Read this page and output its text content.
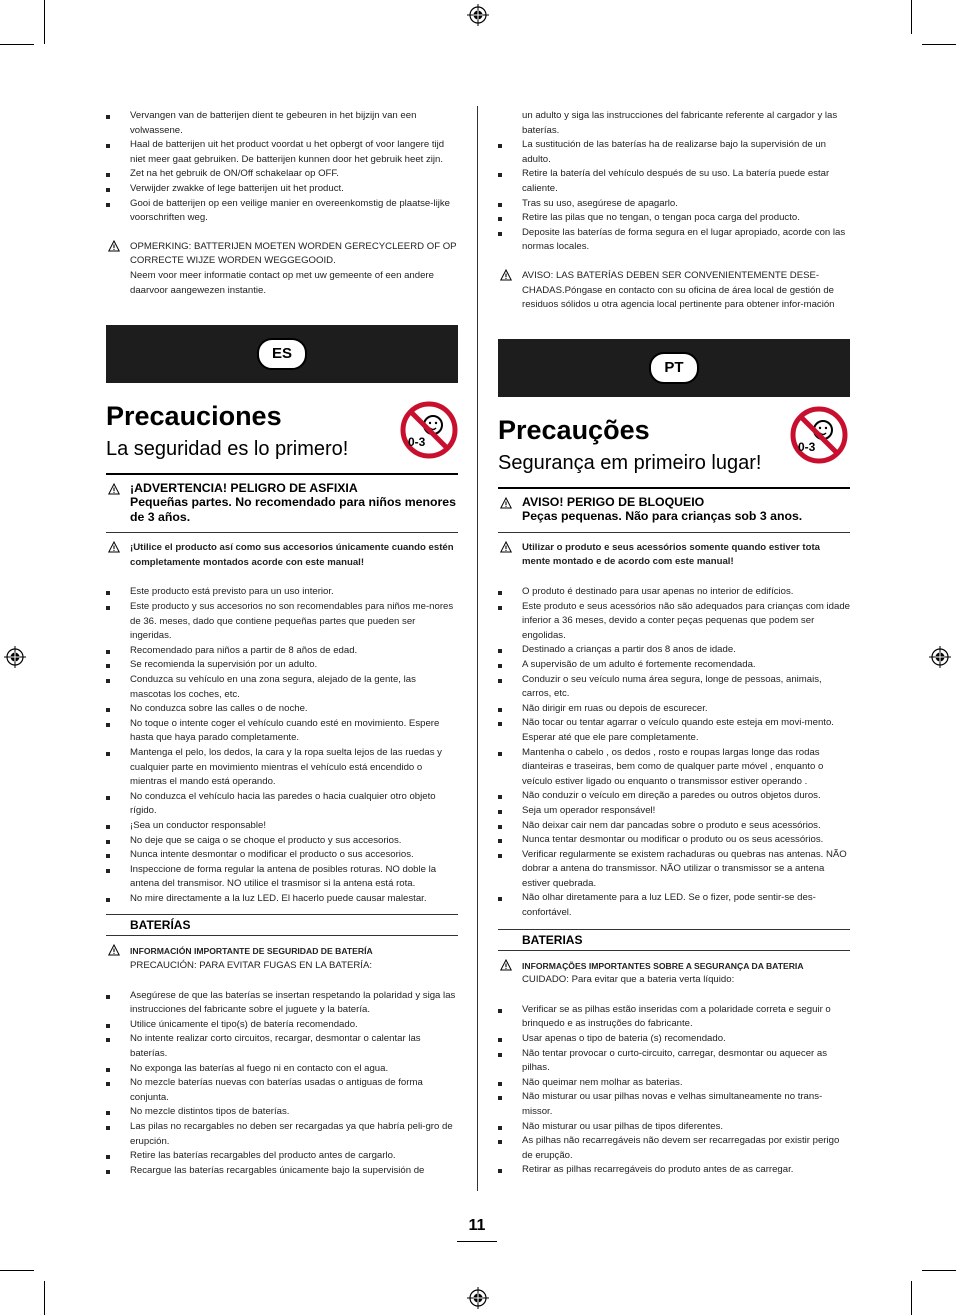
Vervangen van de batterijen dient te gebeuren in het bijzijn van een volwassene.
Haal de batterijen uit het product voordat u het opbergt of voor langere tijd niet meer gaat gebruiken. De batterijen kunnen door het gebruik heet zijn.
Zet na het gebruik de ON/Off schakelaar op OFF.
Verwijder zwakke of lege batterijen uit het product.
Gooi de batterijen op een veilige manier en overeenkomstig de plaatse-lijke voorschriften weg.
OPMERKING: BATTERIJEN MOETEN WORDEN GERECYCLEERD OF OP CORRECTE WIJZE WORDEN WEGGEGOOID.
Neem voor meer informatie contact op met uw gemeente of een andere daarvoor aangewezen instantie.
ES
Precauciones
La seguridad es lo primero!	0-3
¡ADVERTENCIA! PELIGRO DE ASFIXIA
Pequeñas partes. No recomendado para niños menores de 3 años.
¡Utilice el producto así como sus accesorios únicamente cuando estén completamente montados acorde con este manual!
Este producto está previsto para un uso interior.
Este producto y sus accesorios no son recomendables para niños me-nores de 36. meses, dado que contiene pequeñas partes que pueden ser ingeridas.
Recomendado para niños a partir de 8 años de edad.
Se recomienda la supervisión por un adulto.
Conduzca su vehículo en una zona segura, alejado de la gente, las mascotas los coches, etc.
No conduzca sobre las calles o de noche.
No toque o intente coger el vehículo cuando esté en movimiento. Espere hasta que haya parado completamente.
Mantenga el pelo, los dedos, la cara y la ropa suelta lejos de las ruedas y cualquier parte en movimiento mientras el vehículo está encendido o mientras el mando está operando.
No conduzca el vehículo hacia las paredes o hacia cualquier otro objeto rígido.
¡Sea un conductor responsable!
No deje que se caiga o se choque el producto y sus accesorios.
Nunca intente desmontar o modificar el producto o sus accesorios.
Inspeccione de forma regular la antena de posibles roturas. NO doble la antena del transmisor. NO utilice el trasmisor si la antena está rota.
No mire directamente a la luz LED. El hacerlo puede causar malestar.
BATERÍAS
INFORMACIÓN IMPORTANTE DE SEGURIDAD DE BATERÍA
PRECAUCIÓN: PARA EVITAR FUGAS EN LA BATERÍA:
Asegúrese de que las baterías se insertan respetando la polaridad y siga las instrucciones del fabricante sobre el juguete y la batería.
Utilice únicamente el tipo(s) de batería recomendado.
No intente realizar corto circuitos, recargar, desmontar o calentar las baterías.
No exponga las baterías al fuego ni en contacto con el agua.
No mezcle baterías nuevas con baterías usadas o antiguas de forma conjunta.
No mezcle distintos tipos de baterías.
Las pilas no recargables no deben ser recargadas ya que habría peli-gro de erupción.
Retire las baterías recargables del producto antes de cargarlo.
Recargue las baterías recargables únicamente bajo la supervisión de
un adulto y siga las instrucciones del fabricante referente al cargador y las baterías.
La sustitución de las baterías ha de realizarse bajo la supervisión de un adulto.
Retire la batería del vehículo después de su uso. La batería puede estar caliente.
Tras su uso, asegúrese de apagarlo.
Retire las pilas que no tengan, o tengan poca carga del producto.
Deposite las baterías de forma segura en el lugar apropiado, acorde con las normas locales.
AVISO: LAS BATERÍAS DEBEN SER CONVENIENTEMENTE DESE-CHADAS.Póngase en contacto con su oficina de área local de gestión de residuos sólidos u otra agencia local pertinente para obtener infor-mación
PT
Precauções
Segurança em primeiro lugar!
0-3
AVISO! PERIGO DE BLOQUEIO
Peças pequenas. Não para crianças sob 3 anos.
Utilizar o produto e seus acessórios somente quando estiver tota mente montado e de acordo com este manual!
O produto é destinado para usar apenas no interior de edifícios.
Este produto e seus acessórios não são adequados para crianças com idade inferior a 36 meses, devido a conter peças pequenas que podem ser engolidas.
Destinado a crianças a partir dos 8 anos de idade.
A supervisão de um adulto é fortemente recomendada.
Conduzir o seu veículo numa área segura, longe de pessoas, animais, carros, etc.
Não dirigir em ruas ou depois de escurecer.
Não tocar ou tentar agarrar o veículo quando este esteja em movi-mento. Esperar até que ele pare completamente.
Mantenha o cabelo , os dedos , rosto e roupas largas longe das rodas dianteiras e traseiras, bem como de qualquer parte móvel , enquanto o veículo estiver ligado ou enquanto o transmissor estiver operando .
Não conduzir o veículo em direção a paredes ou outros objetos duros.
Seja um operador responsável!
Não deixar cair nem dar pancadas sobre o produto e seus acessórios.
Nunca tentar desmontar ou modificar o produto ou os seus acessórios.
Verificar regularmente se existem rachaduras ou quebras nas antenas. NÃO dobrar a antena do transmissor. NÃO utilizar o transmissor se a antena estiver quebrada.
Não olhar diretamente para a luz LED. Se o fizer, pode sentir-se des-confortável.
BATERIAS
INFORMAÇÕES IMPORTANTES SOBRE A SEGURANÇA DA BATERIA
CUIDADO: Para evitar que a bateria verta líquido:
Verificar se as pilhas estão inseridas com a polaridade correta e seguir o brinquedo e as instruções do fabricante.
Usar apenas o tipo de bateria (s) recomendado.
Não tentar provocar o curto-circuito, carregar, desmontar ou aquecer as pilhas.
Não queimar nem molhar as baterias.
Não misturar ou usar pilhas novas e velhas simultaneamente no trans-missor.
Não misturar ou usar pilhas de tipos diferentes.
As pilhas não recarregáveis não devem ser recarregadas por existir perigo de erupção.
Retirar as pilhas recarregáveis do produto antes de as carregar.
11
